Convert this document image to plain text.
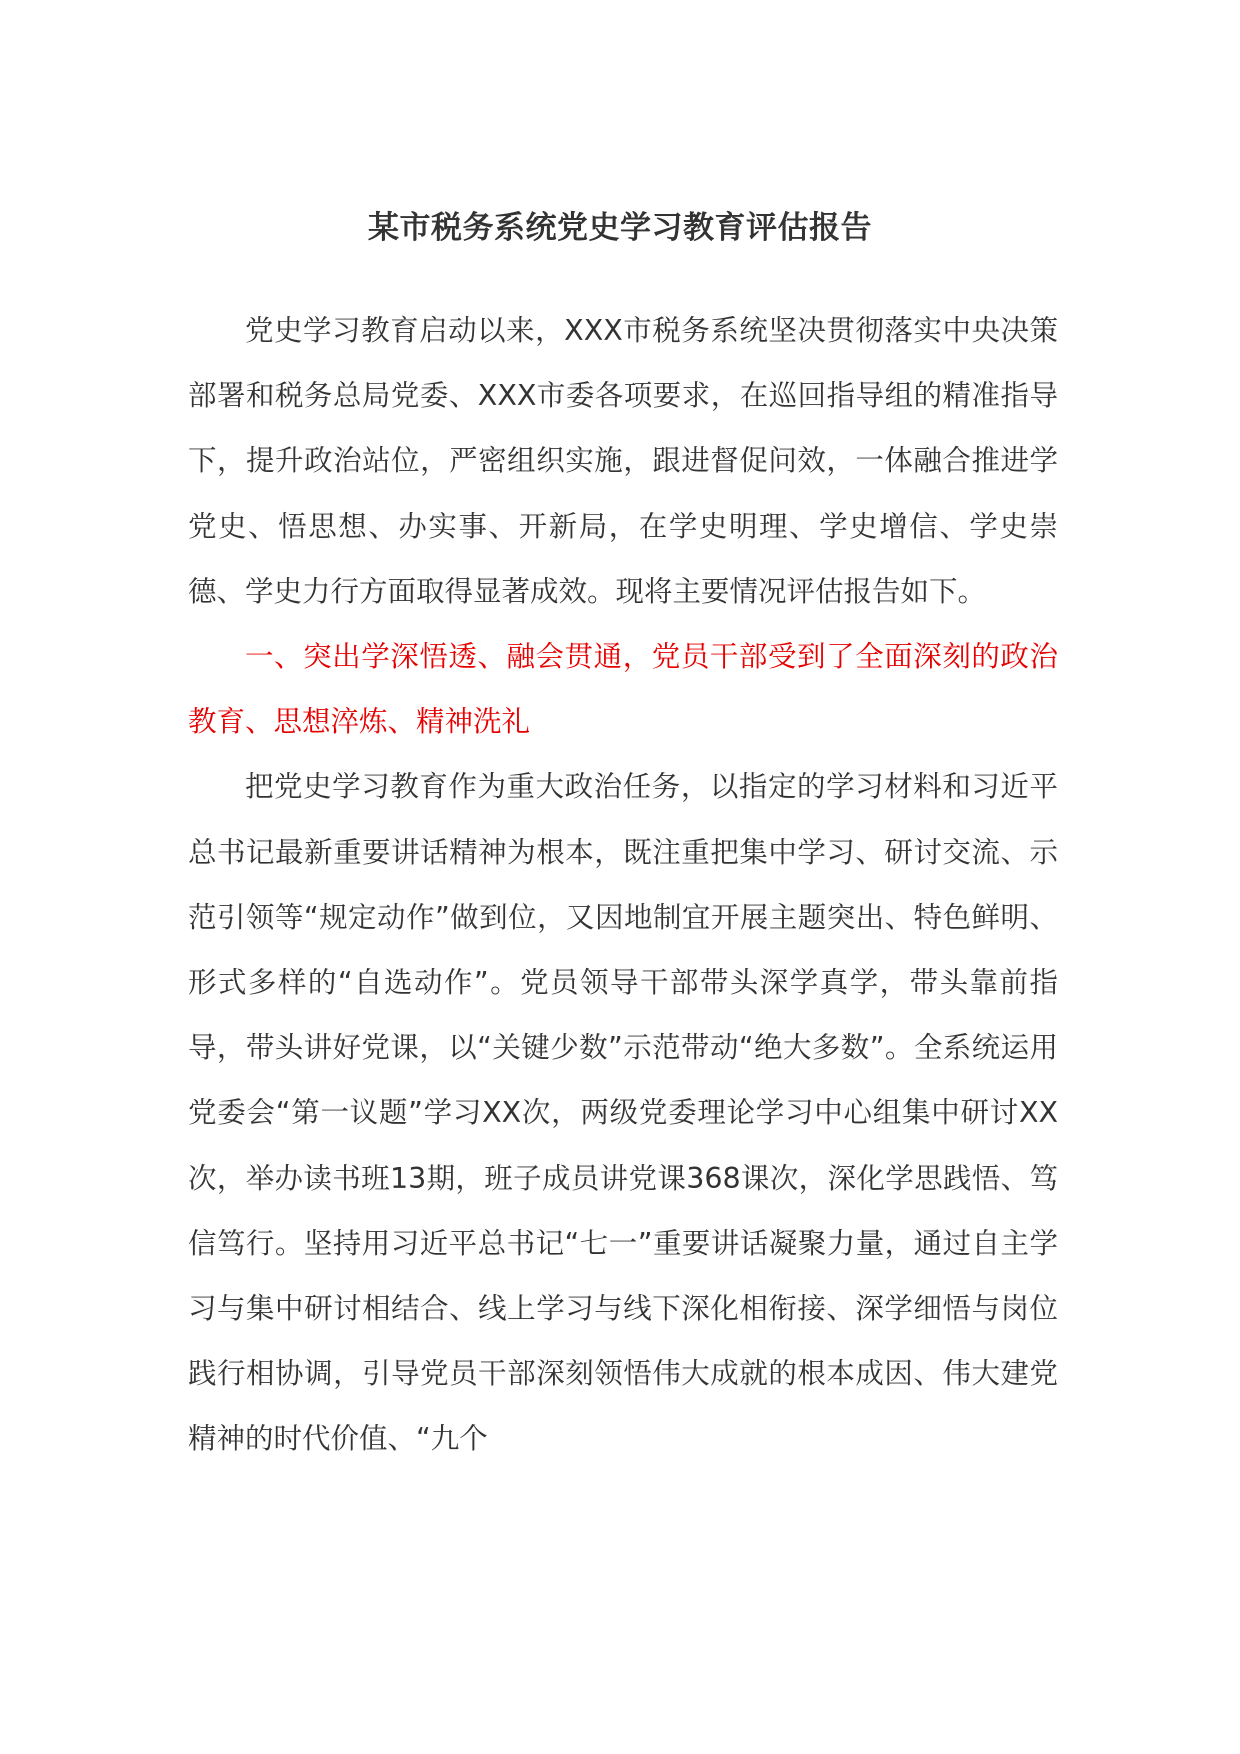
某市税务系统党史学习教育评估报告

党史学习教育启动以来，XXX市税务系统坚决贯彻落实中央决策部署和税务总局党委、XXX市委各项要求，在巡回指导组的精准指导下，提升政治站位，严密组织实施，跟进督促问效，一体融合推进学党史、悟思想、办实事、开新局，在学史明理、学史增信、学史崇德、学史力行方面取得显著成效。现将主要情况评估报告如下。

一、突出学深悟透、融会贯通，党员干部受到了全面深刻的政治教育、思想淬炼、精神洗礼

把党史学习教育作为重大政治任务，以指定的学习材料和习近平总书记最新重要讲话精神为根本，既注重把集中学习、研讨交流、示范引领等“规定动作”做到位，又因地制宜开展主题突出、特色鲜明、形式多样的“自选动作”。党员领导干部带头深学真学，带头靠前指导，带头讲好党课，以“关键少数”示范带动“绝大多数”。全系统运用党委会“第一议题”学习XX次，两级党委理论学习中心组集中研讨XX次，举办读书班13期，班子成员讲党课368课次，深化学思践悟、笃信笃行。坚持用习近平总书记“七一”重要讲话凝聚力量，通过自主学习与集中研讨相结合、线上学习与线下深化相衔接、深学细悟与岗位践行相协调，引导党员干部深刻领悟伟大成就的根本成因、伟大建党精神的时代价值、“九个
